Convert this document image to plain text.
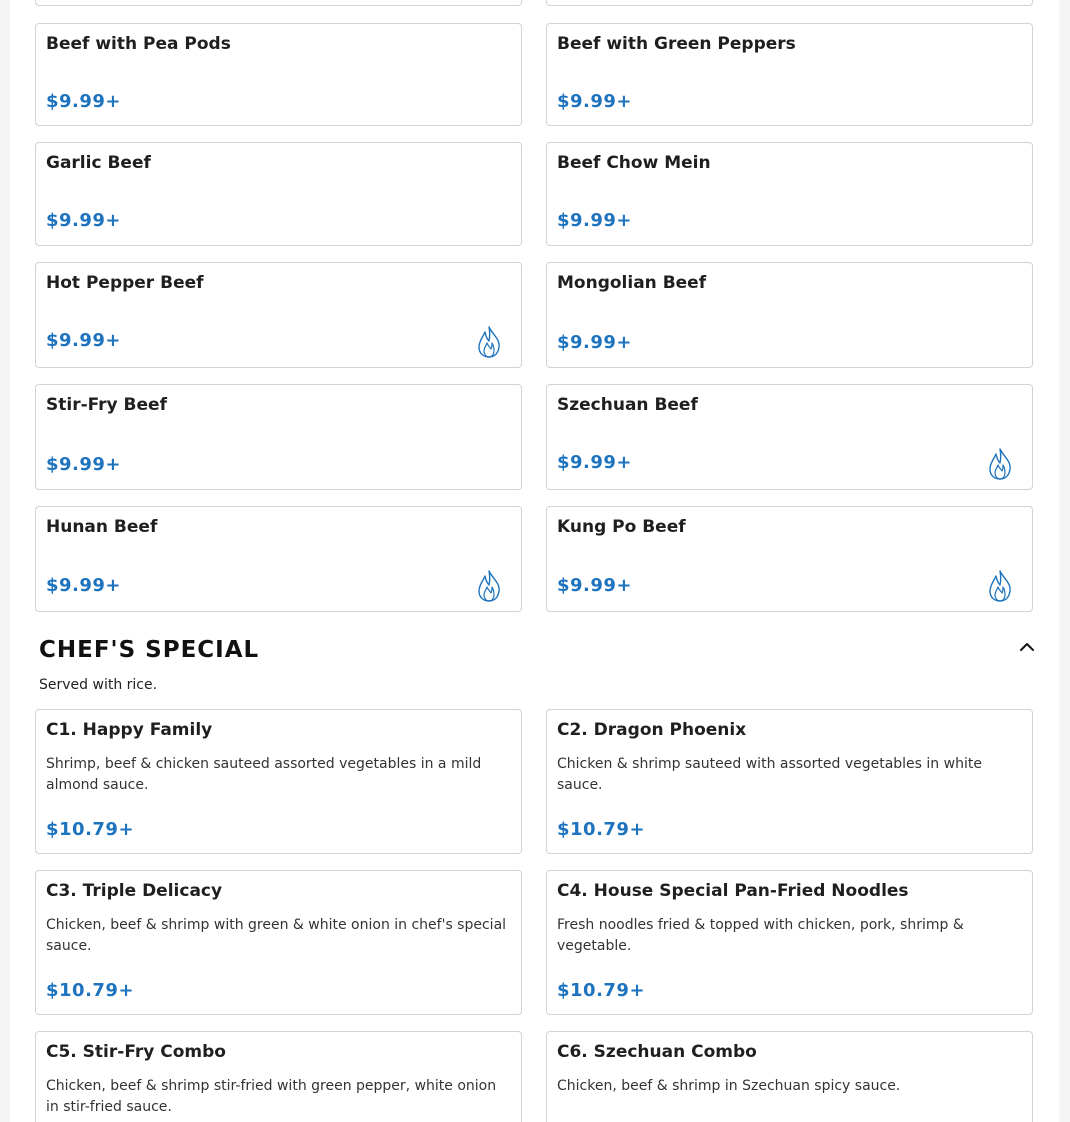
Beef with Pea Pods
$9.99+
Beef with Green Peppers
$9.99+
Garlic Beef
$9.99+
Beef Chow Mein
$9.99+
Hot Pepper Beef
$9.99+
Mongolian Beef
$9.99+
Stir-Fry Beef
$9.99+
Szechuan Beef
$9.99+
Hunan Beef
$9.99+
Kung Po Beef
$9.99+
CHEF'S SPECIAL
Served with rice.
C1. Happy Family
Shrimp, beef & chicken sauteed assorted vegetables in a mild almond sauce.
$10.79+
C2. Dragon Phoenix
Chicken & shrimp sauteed with assorted vegetables in white sauce.
$10.79+
C3. Triple Delicacy
Chicken, beef & shrimp with green & white onion in chef's special sauce.
$10.79+
C4. House Special Pan-Fried Noodles
Fresh noodles fried & topped with chicken, pork, shrimp & vegetable.
$10.79+
C5. Stir-Fry Combo
Chicken, beef & shrimp stir-fried with green pepper, white onion in stir-fried sauce.
C6. Szechuan Combo
Chicken, beef & shrimp in Szechuan spicy sauce.
